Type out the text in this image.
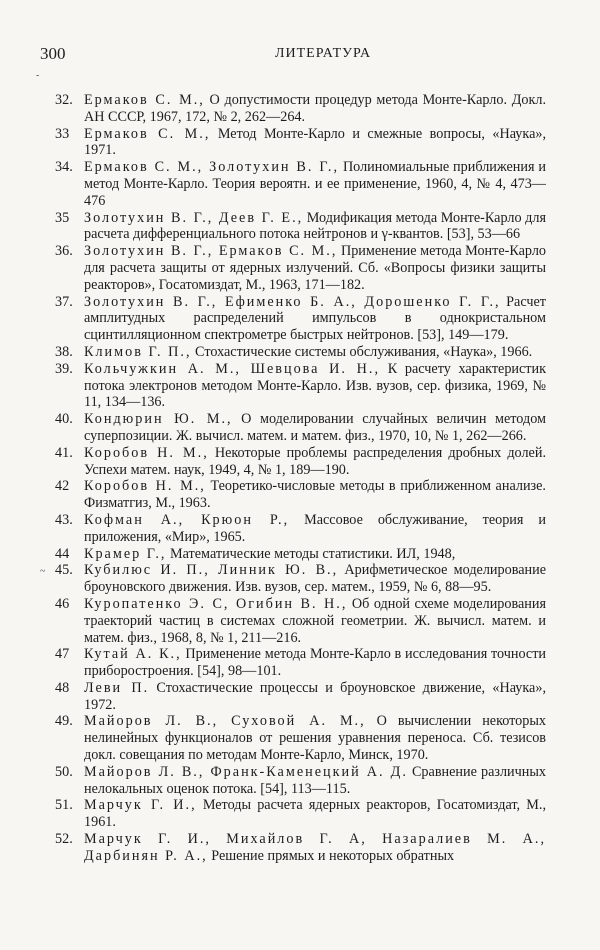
300	ЛИТЕРАТУРА
-
~

32. Ермаков С. М., О допустимости процедур метода Монте-Карло. Докл. АН СССР, 1967, 172, № 2, 262—264.

33 Ермаков С. М., Метод Монте-Карло и смежные вопросы, «Наука», 1971.

34. Ермаков С. М., Золотухин В. Г., Полиномиальные приближения и метод Монте-Карло. Теория вероятн. и ее применение, 1960, 4, № 4, 473—476

35 Золотухин В. Г., Деев Г. Е., Модификация метода Монте-Карло для расчета дифференциального потока нейтронов и γ-квантов. [53], 53—66

36. Золотухин В. Г., Ермаков С. М., Применение метода Монте-Карло для расчета защиты от ядерных излучений. Сб. «Вопросы физики защиты реакторов», Госатомиздат, М., 1963, 171—182.

37. Золотухин В. Г., Ефименко Б. А., Дорошенко Г. Г., Расчет амплитудных распределений импульсов в однокристальном сцинтилляционном спектрометре быстрых нейтронов. [53], 149—179.

38. Климов Г. П., Стохастические системы обслуживания, «Наука», 1966.

39. Кольчужкин А. М., Шевцова И. Н., К расчету характеристик потока электронов методом Монте-Карло. Изв. вузов, сер. физика, 1969, № 11, 134—136.

40. Кондюрин Ю. М., О моделировании случайных величин методом суперпозиции. Ж. вычисл. матем. и матем. физ., 1970, 10, № 1, 262—266.

41. Коробов Н. М., Некоторые проблемы распределения дробных долей. Успехи матем. наук, 1949, 4, № 1, 189—190.

42 Коробов Н. М., Теоретико-числовые методы в приближенном анализе. Физматгиз, М., 1963.

43. Кофман А., Крюон Р., Массовое обслуживание, теория и приложения, «Мир», 1965.

44 Крамер Г., Математические методы статистики. ИЛ, 1948,

45. Кубилюс И. П., Линник Ю. В., Арифметическое моделирование броуновского движения. Изв. вузов, сер. матем., 1959, № 6, 88—95.

46 Куропатенко Э. С, Огибин В. Н., Об одной схеме моделирования траекторий частиц в системах сложной геометрии. Ж. вычисл. матем. и матем. физ., 1968, 8, № 1, 211—216.

47 Кутай А. К., Применение метода Монте-Карло в исследования точности приборостроения. [54], 98—101.

48 Леви П. Стохастические процессы и броуновское движение, «Наука», 1972.

49. Майоров Л. В., Суховой А. М., О вычислении некоторых нелинейных функционалов от решения уравнения переноса. Сб. тезисов докл. совещания по методам Монте-Карло, Минск, 1970.

50. Майоров Л. В., Франк-Каменецкий А. Д. Сравнение различных нелокальных оценок потока. [54], 113—115.

51. Марчук Г. И., Методы расчета ядерных реакторов, Госатомиздат, М., 1961.

52. Марчук Г. И., Михайлов Г. А, Назаралиев М. А., Дарбинян Р. А., Решение прямых и некоторых обратных
